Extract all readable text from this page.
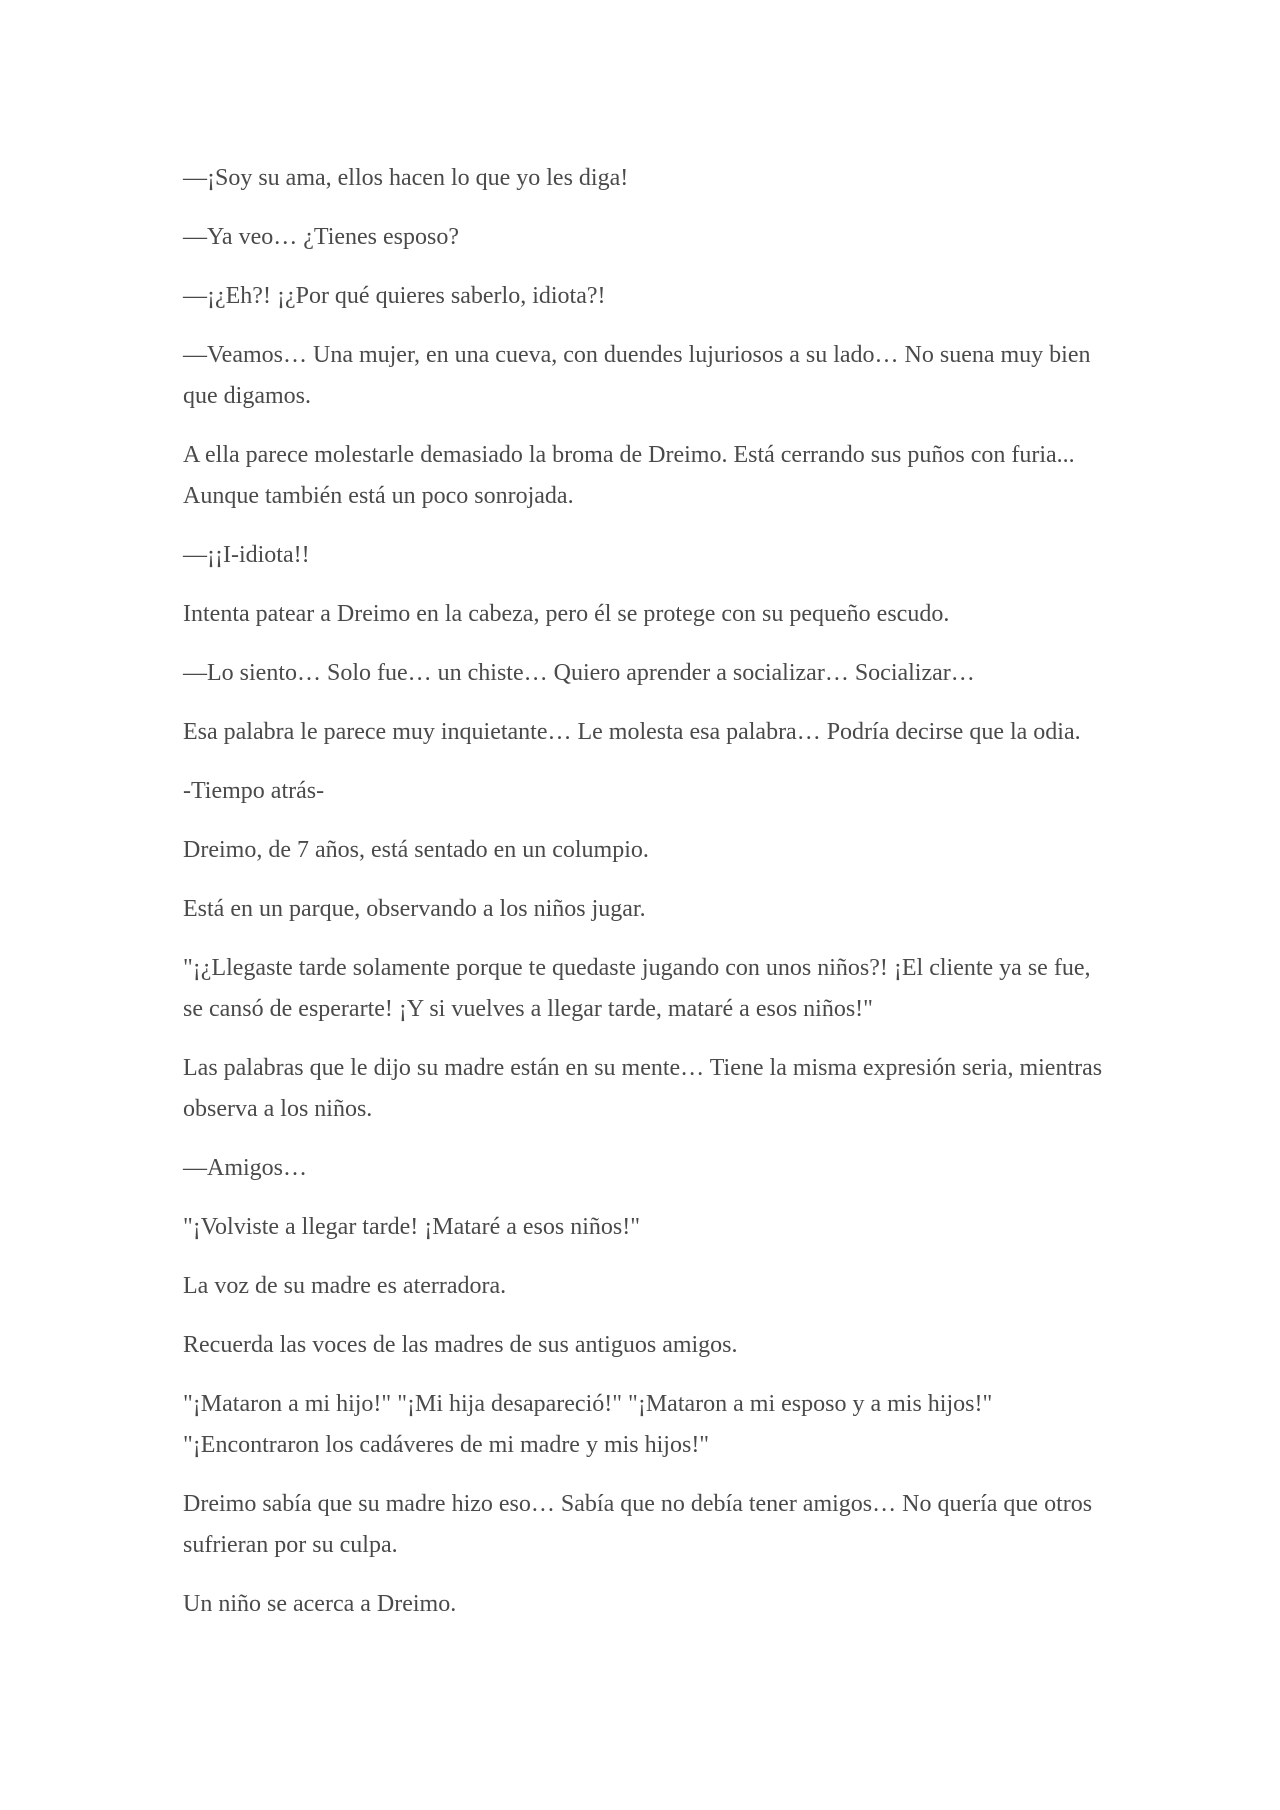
—¡Soy su ama, ellos hacen lo que yo les diga!

—Ya veo… ¿Tienes esposo?

—¡¿Eh?! ¡¿Por qué quieres saberlo, idiota?!

—Veamos… Una mujer, en una cueva, con duendes lujuriosos a su lado… No suena muy bien que digamos.

A ella parece molestarle demasiado la broma de Dreimo. Está cerrando sus puños con furia... Aunque también está un poco sonrojada.

—¡¡I-idiota!!

Intenta patear a Dreimo en la cabeza, pero él se protege con su pequeño escudo.

—Lo siento… Solo fue… un chiste… Quiero aprender a socializar… Socializar…

Esa palabra le parece muy inquietante… Le molesta esa palabra… Podría decirse que la odia.

-Tiempo atrás-

Dreimo, de 7 años, está sentado en un columpio.

Está en un parque, observando a los niños jugar.

"¡¿Llegaste tarde solamente porque te quedaste jugando con unos niños?! ¡El cliente ya se fue, se cansó de esperarte! ¡Y si vuelves a llegar tarde, mataré a esos niños!"

Las palabras que le dijo su madre están en su mente… Tiene la misma expresión seria, mientras observa a los niños.

—Amigos…

"¡Volviste a llegar tarde! ¡Mataré a esos niños!"

La voz de su madre es aterradora.

Recuerda las voces de las madres de sus antiguos amigos.

"¡Mataron a mi hijo!" "¡Mi hija desapareció!" "¡Mataron a mi esposo y a mis hijos!" "¡Encontraron los cadáveres de mi madre y mis hijos!"

Dreimo sabía que su madre hizo eso… Sabía que no debía tener amigos… No quería que otros sufrieran por su culpa.

Un niño se acerca a Dreimo.
